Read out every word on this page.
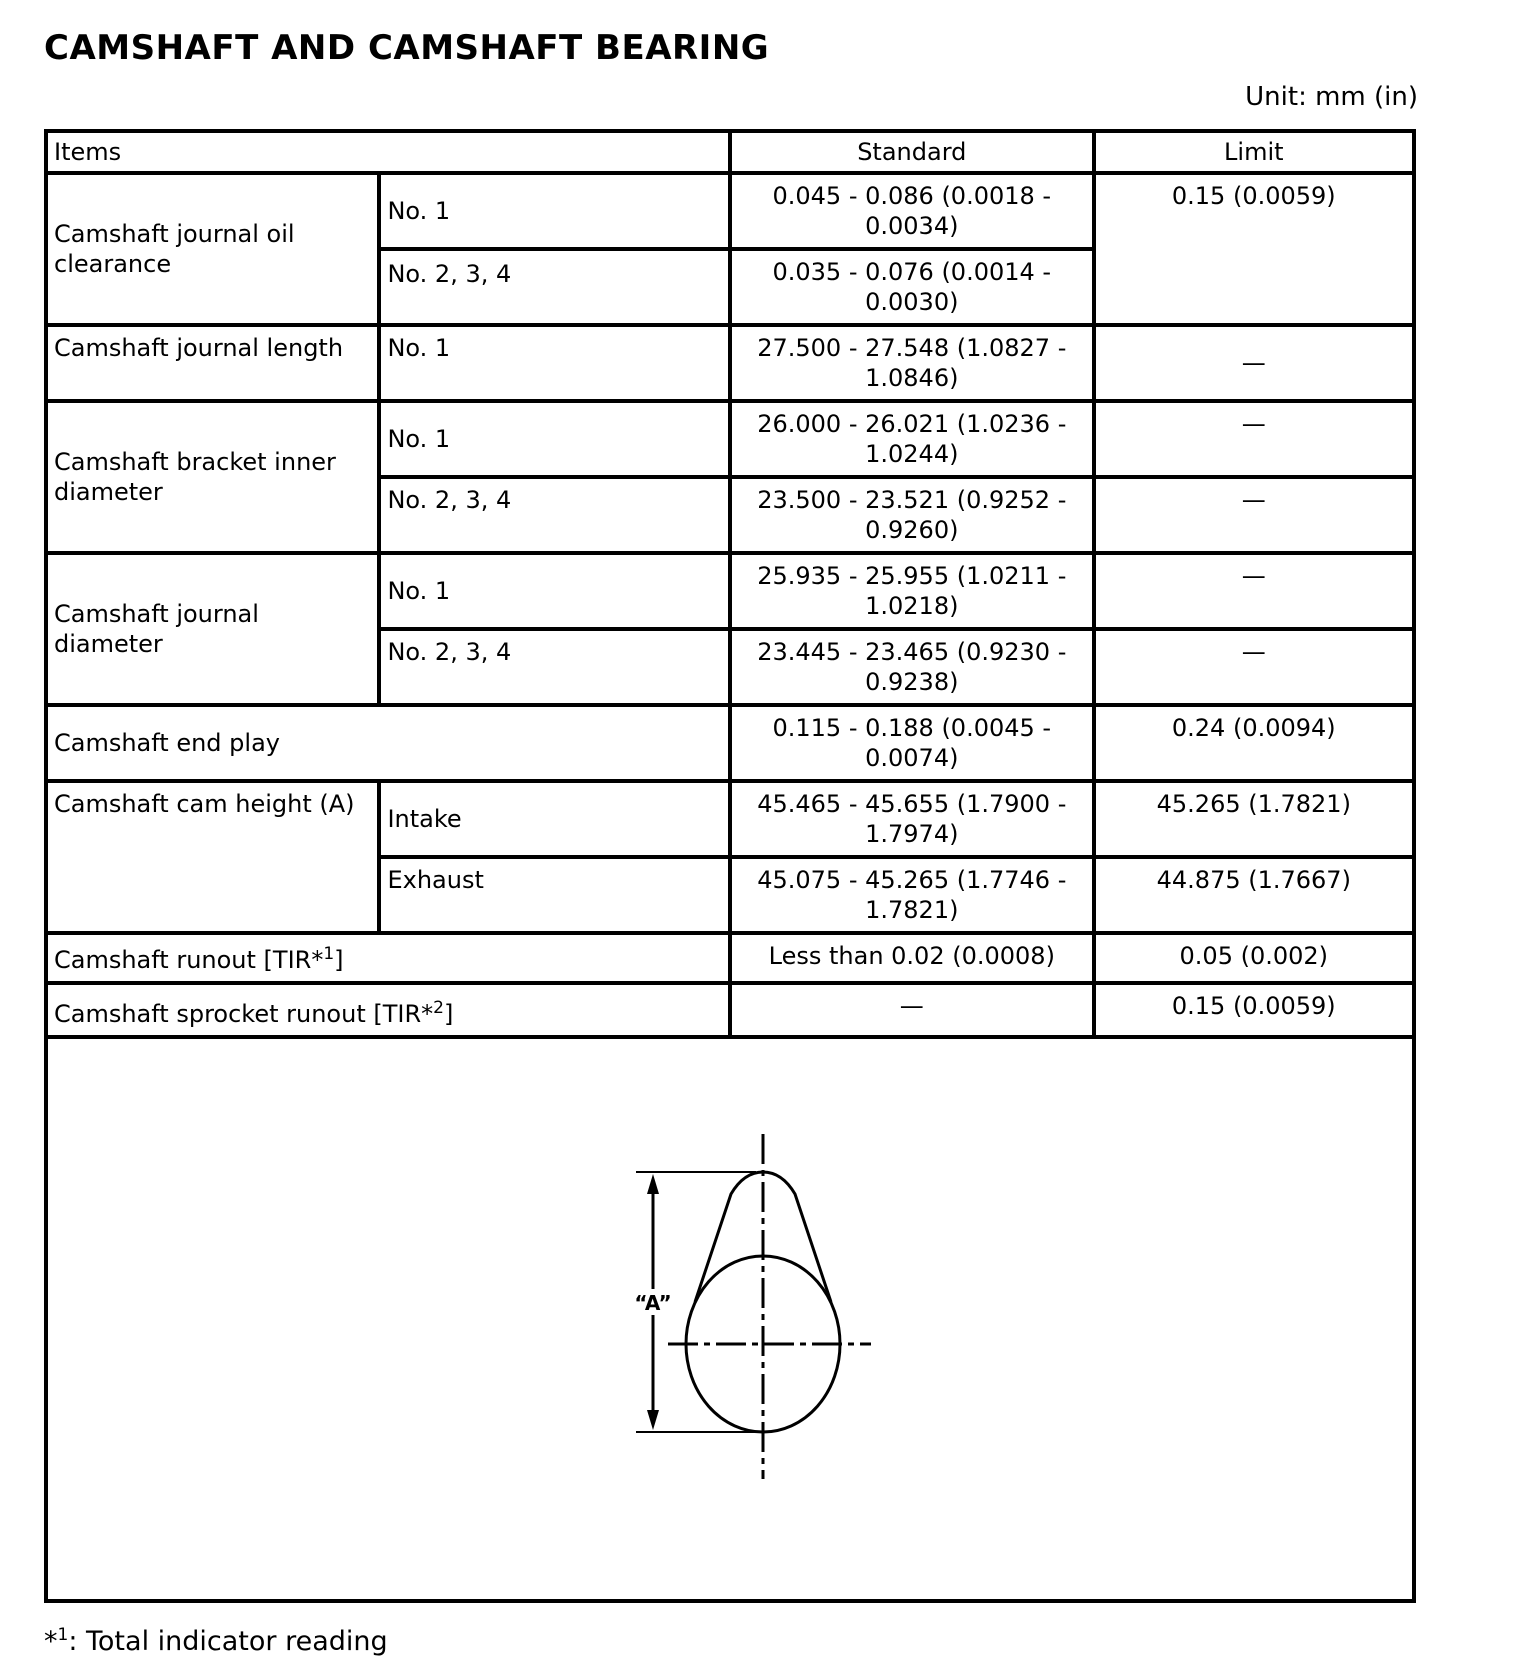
CAMSHAFT AND CAMSHAFT BEARING
Unit: mm (in)
Items		Standard	Limit
Camshaft journal oil clearance	No. 1	0.045 - 0.086 (0.0018 - 0.0034)	0.15 (0.0059)
	No. 2, 3, 4	0.035 - 0.076 (0.0014 - 0.0030)	
Camshaft journal length	No. 1	27.500 - 27.548 (1.0827 - 1.0846)	—
Camshaft bracket inner diameter	No. 1	26.000 - 26.021 (1.0236 - 1.0244)	—
	No. 2, 3, 4	23.500 - 23.521 (0.9252 - 0.9260)	—
Camshaft journal diameter	No. 1	25.935 - 25.955 (1.0211 - 1.0218)	—
	No. 2, 3, 4	23.445 - 23.465 (0.9230 - 0.9238)	—
Camshaft end play		0.115 - 0.188 (0.0045 - 0.0074)	0.24 (0.0094)
Camshaft cam height (A)	Intake	45.465 - 45.655 (1.7900 - 1.7974)	45.265 (1.7821)
	Exhaust	45.075 - 45.265 (1.7746 - 1.7821)	44.875 (1.7667)
Camshaft runout [TIR*$^1$]		Less than 0.02 (0.0008)	0.05 (0.002)
Camshaft sprocket runout [TIR*$^2$]		—	0.15 (0.0059)

“A”			
*$^1$: Total indicator reading
